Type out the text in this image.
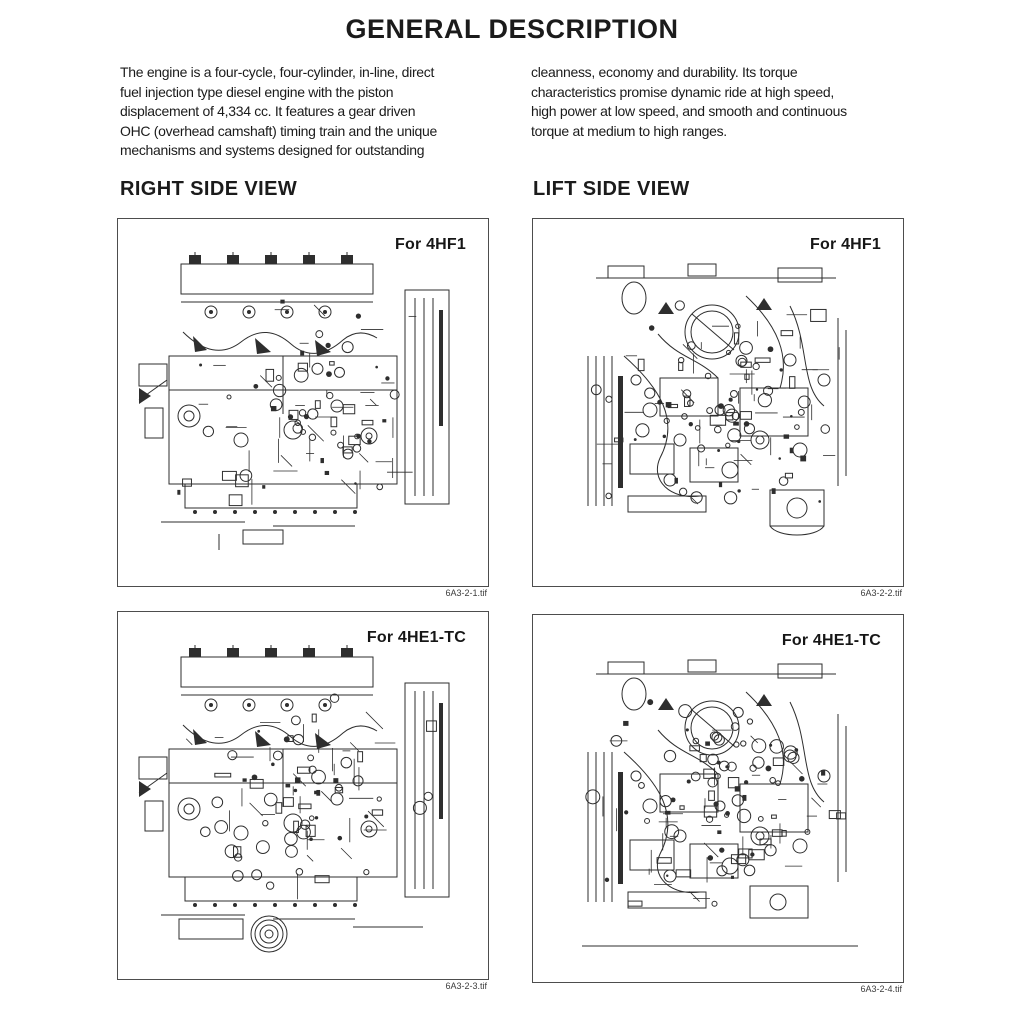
GENERAL DESCRIPTION
The engine is a four-cycle, four-cylinder, in-line, direct
fuel injection type diesel engine with the piston
displacement of 4,334 cc. It features a gear driven
OHC (overhead camshaft) timing train and the unique
mechanisms and systems designed for outstanding
cleanness, economy and durability. Its torque
characteristics promise dynamic ride at high speed,
high power at low speed, and smooth and continuous
torque at medium to high ranges.
RIGHT SIDE VIEW	LIFT SIDE VIEW
For 4HF1
6A3-2-1.tif
For 4HF1
6A3-2-2.tif
For 4HE1-TC
6A3-2-3.tif
For 4HE1-TC
6A3-2-4.tif
